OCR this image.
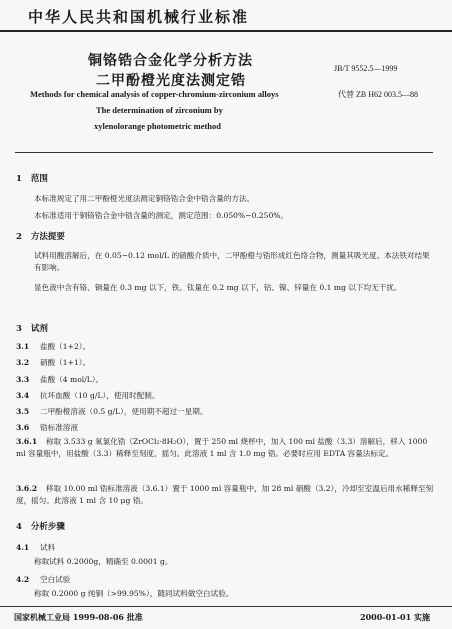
中华人民共和国机械行业标准
铜铬锆合金化学分析方法
二甲酚橙光度法测定锆
JB/T 9552.5—1999
代替 ZB H62 003.5—88
Methods for chemical analysis of copper-chromium-zirconium alloys
The determination of zirconium by
xylenolorange photometric method
1 范围
本标准规定了用二甲酚橙光度法测定铜铬锆合金中锆含量的方法。
本标准适用于铜铬锆合金中锆含量的测定，测定范围：0.050%~0.250%。
2 方法提要
试料用酸溶解后，在 0.05~0.12 mol/L 的硝酸介质中，二甲酚橙与锆形成红色络合物，测量其吸光度。本法铁对结果有影响。
显色液中含有铬、铜量在 0.3 mg 以下，铁、钛量在 0.2 mg 以下，钴、镍、锌量在 0.1 mg 以下均无干扰。
3 试剂
3.1 盐酸（1+2）。
3.2 硝酸（1+1）。
3.3 盐酸（4 mol/L）。
3.4 抗坏血酸（10 g/L），使用时配制。
3.5 二甲酚橙溶液（0.5 g/L），使用期不超过一星期。
3.6 锆标准溶液
3.6.1 称取 3.533 g 氧氯化锆（ZrOCl₂·8H₂O），置于 250 ml 烧杯中，加入 100 ml 盐酸（3.3）溶解后，移入 1000 ml 容量瓶中，用盐酸（3.3）稀释至刻度，摇匀。此溶液 1 ml 含 1.0 mg 锆。必要时应用 EDTA 容量法标定。
3.6.2 移取 10.00 ml 锆标准溶液（3.6.1）置于 1000 ml 容量瓶中，加 28 ml 硝酸（3.2），冷却至室温后用水稀释至刻度，摇匀。此溶液 1 ml 含 10 μg 锆。
4 分析步骤
4.1 试料
称取试料 0.2000g，精确至 0.0001 g。
4.2 空白试验
称取 0.2000 g 纯铜（>99.95%），随同试料做空白试验。
国家机械工业局 1999-08-06 批准	2000-01-01 实施
